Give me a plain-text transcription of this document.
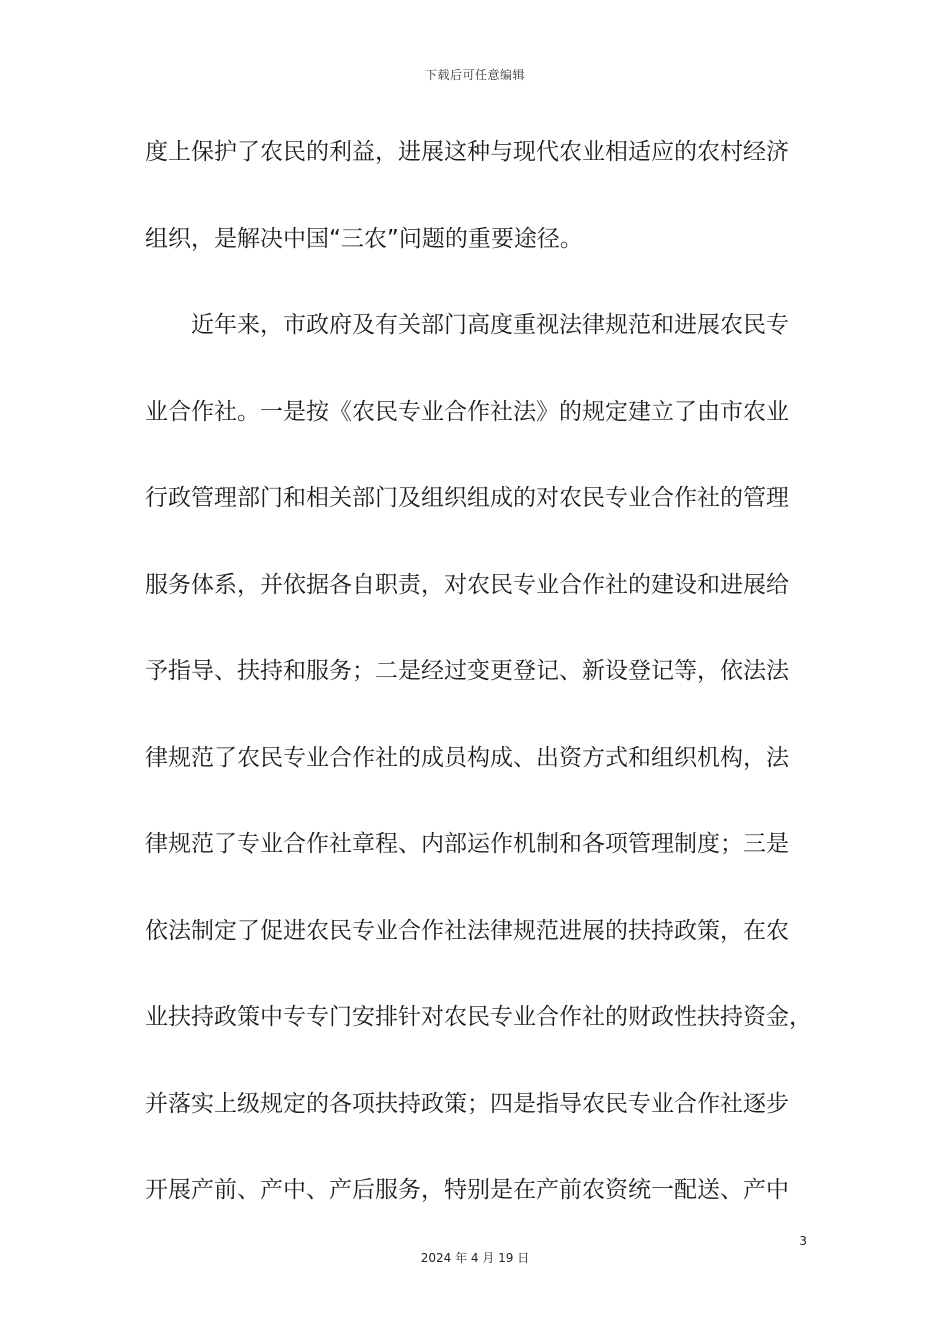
下载后可任意编辑
度上保护了农民的利益，进展这种与现代农业相适应的农村经济
组织，是解决中国“三农”问题的重要途径。
近年来，市政府及有关部门高度重视法律规范和进展农民专
业合作社。一是按《农民专业合作社法》的规定建立了由市农业
行政管理部门和相关部门及组织组成的对农民专业合作社的管理
服务体系，并依据各自职责，对农民专业合作社的建设和进展给
予指导、扶持和服务；二是经过变更登记、新设登记等，依法法
律规范了农民专业合作社的成员构成、出资方式和组织机构，法
律规范了专业合作社章程、内部运作机制和各项管理制度；三是
依法制定了促进农民专业合作社法律规范进展的扶持政策，在农
业扶持政策中专专门安排针对农民专业合作社的财政性扶持资金，
并落实上级规定的各项扶持政策；四是指导农民专业合作社逐步
开展产前、产中、产后服务，特别是在产前农资统一配送、产中
3
2024 年 4 月 19 日
